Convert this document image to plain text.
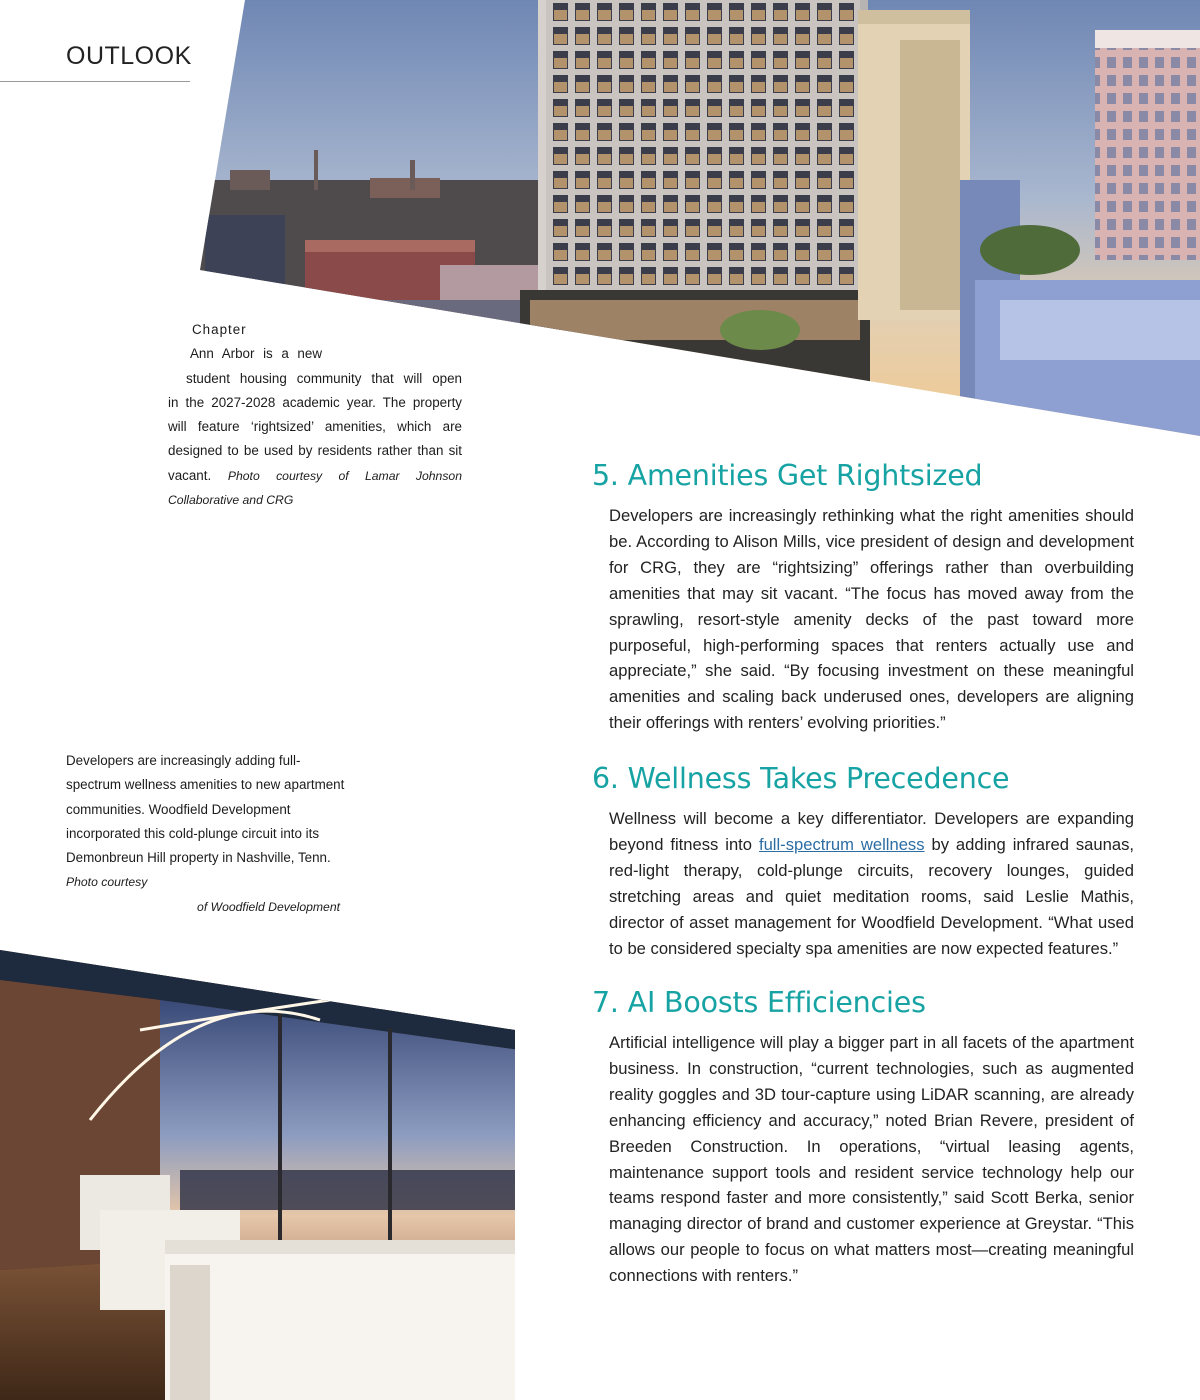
OUTLOOK
Chapter
Ann Arbor is a new
student housing community that will open
in the 2027-2028 academic year. The property will feature ‘rightsized’ amenities, which are designed to be used by residents rather than sit vacant. Photo courtesy of Lamar Johnson Collaborative and CRG
Developers are increasingly adding full-spectrum wellness amenities to new apartment communities. Woodfield Development incorporated this cold-plunge circuit into its Demonbreun Hill property in Nashville, Tenn. Photo courtesy
of Woodfield Development
5. Amenities Get Rightsized

Developers are increasingly rethinking what the right amenities should be. According to Alison Mills, vice president of design and development for CRG, they are “rightsizing” offerings rather than overbuilding amenities that may sit vacant. “The focus has moved away from the sprawling, resort-style amenity decks of the past toward more purposeful, high-performing spaces that renters actually use and appreciate,” she said. “By focusing investment on these meaningful amenities and scaling back underused ones, developers are aligning their offerings with renters’ evolving priorities.”

6. Wellness Takes Precedence

Wellness will become a key differentiator. Developers are expanding beyond fitness into full-spectrum wellness by adding infrared saunas, red-light therapy, cold-plunge circuits, recovery lounges, guided stretching areas and quiet meditation rooms, said Leslie Mathis, director of asset management for Woodfield Development. “What used to be considered specialty spa amenities are now expected features.”

7. AI Boosts Efficiencies

Artificial intelligence will play a bigger part in all facets of the apartment business. In construction, “current technologies, such as augmented reality goggles and 3D tour-capture using LiDAR scanning, are already enhancing efficiency and accuracy,” noted Brian Revere, president of Breeden Construction. In operations, “virtual leasing agents, maintenance support tools and resident service technology help our teams respond faster and more consistently,” said Scott Berka, senior managing director of brand and customer experience at Greystar. “This allows our people to focus on what matters most—creating meaningful connections with renters.”
